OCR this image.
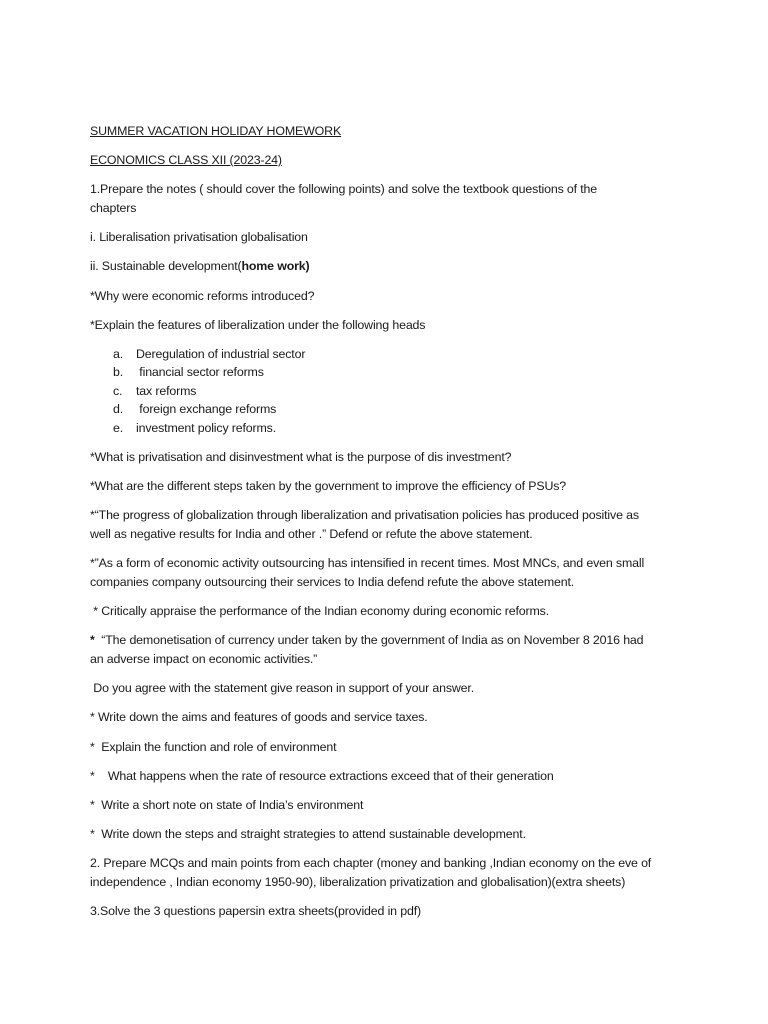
SUMMER VACATION HOLIDAY HOMEWORK

ECONOMICS CLASS XII (2023-24)

1.Prepare the notes ( should cover the following points) and solve the textbook questions of the

chapters

i. Liberalisation privatisation globalisation

ii. Sustainable development(home work)

*Why were economic reforms introduced?

*Explain the features of liberalization under the following heads

a. Deregulation of industrial sector

b. financial sector reforms

c. tax reforms

d. foreign exchange reforms

e. investment policy reforms.

*What is privatisation and disinvestment what is the purpose of dis investment?

*What are the different steps taken by the government to improve the efficiency of PSUs?

*“The progress of globalization through liberalization and privatisation policies has produced positive as

well as negative results for India and other .” Defend or refute the above statement.

*”As a form of economic activity outsourcing has intensified in recent times. Most MNCs, and even small

companies company outsourcing their services to India defend refute the above statement.

* Critically appraise the performance of the Indian economy during economic reforms.

*  “The demonetisation of currency under taken by the government of India as on November 8 2016 had

an adverse impact on economic activities.”

Do you agree with the statement give reason in support of your answer.

* Write down the aims and features of goods and service taxes.

*  Explain the function and role of environment

*    What happens when the rate of resource extractions exceed that of their generation

*  Write a short note on state of India’s environment

*  Write down the steps and straight strategies to attend sustainable development.

2. Prepare MCQs and main points from each chapter (money and banking ,Indian economy on the eve of

independence , Indian economy 1950-90), liberalization privatization and globalisation)(extra sheets)

3.Solve the 3 questions papersin extra sheets(provided in pdf)
